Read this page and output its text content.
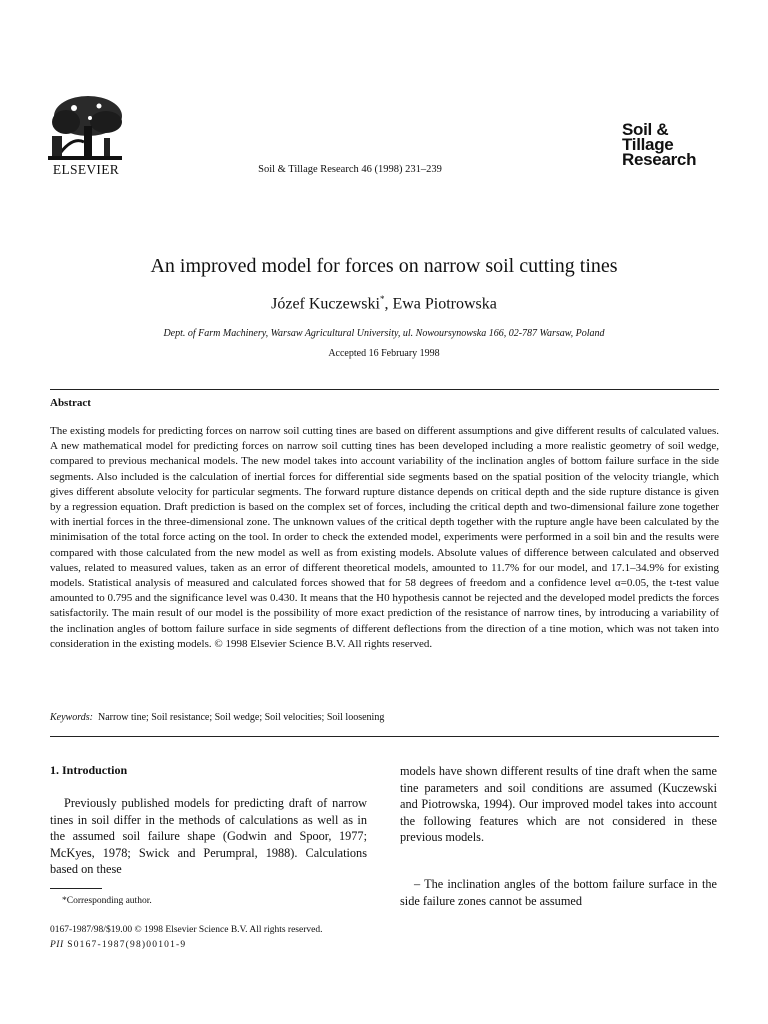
ELSEVIER	Soil & Tillage Research 46 (1998) 231–239
Soil &
Tillage
Research
An improved model for forces on narrow soil cutting tines
Józef Kuczewski*, Ewa Piotrowska
Dept. of Farm Machinery, Warsaw Agricultural University, ul. Nowoursynowska 166, 02-787 Warsaw, Poland
Accepted 16 February 1998
Abstract
The existing models for predicting forces on narrow soil cutting tines are based on different assumptions and give different results of calculated values. A new mathematical model for predicting forces on narrow soil cutting tines has been developed including a more realistic geometry of soil wedge, compared to previous mechanical models. The new model takes into account variability of the inclination angles of bottom failure surface in the side segments. Also included is the calculation of inertial forces for differential side segments based on the spatial position of the velocity triangle, which gives different absolute velocity for particular segments. The forward rupture distance depends on critical depth and the side rupture distance is given by a regression equation. Draft prediction is based on the complex set of forces, including the critical depth and two-dimensional failure zone together with inertial forces in the three-dimensional zone. The unknown values of the critical depth together with the rupture angle have been calculated by the minimisation of the total force acting on the tool. In order to check the extended model, experiments were performed in a soil bin and the results were compared with those calculated from the new model as well as from existing models. Absolute values of difference between calculated and observed values, related to measured values, taken as an error of different theoretical models, amounted to 11.7% for our model, and 17.1–34.9% for existing models. Statistical analysis of measured and calculated forces showed that for 58 degrees of freedom and a confidence level α=0.05, the t-test value amounted to 0.795 and the significance level was 0.430. It means that the H0 hypothesis cannot be rejected and the developed model predicts the forces satisfactorily. The main result of our model is the possibility of more exact prediction of the resistance of narrow tines, by introducing a variability of the inclination angles of bottom failure surface in side segments of different deflections from the direction of a tine motion, which was not taken into consideration in the existing models. © 1998 Elsevier Science B.V. All rights reserved.
Keywords: Narrow tine; Soil resistance; Soil wedge; Soil velocities; Soil loosening
1. Introduction
Previously published models for predicting draft of narrow tines in soil differ in the methods of calculations as well as in the assumed soil failure shape (Godwin and Spoor, 1977; McKyes, 1978; Swick and Perumpral, 1988). Calculations based on these
models have shown different results of tine draft when the same tine parameters and soil conditions are assumed (Kuczewski and Piotrowska, 1994). Our improved model takes into account the following features which are not considered in these previous models.
– The inclination angles of the bottom failure surface in the side failure zones cannot be assumed
*Corresponding author.
0167-1987/98/$19.00 © 1998 Elsevier Science B.V. All rights reserved.
PII S0167-1987(98)00101-9
